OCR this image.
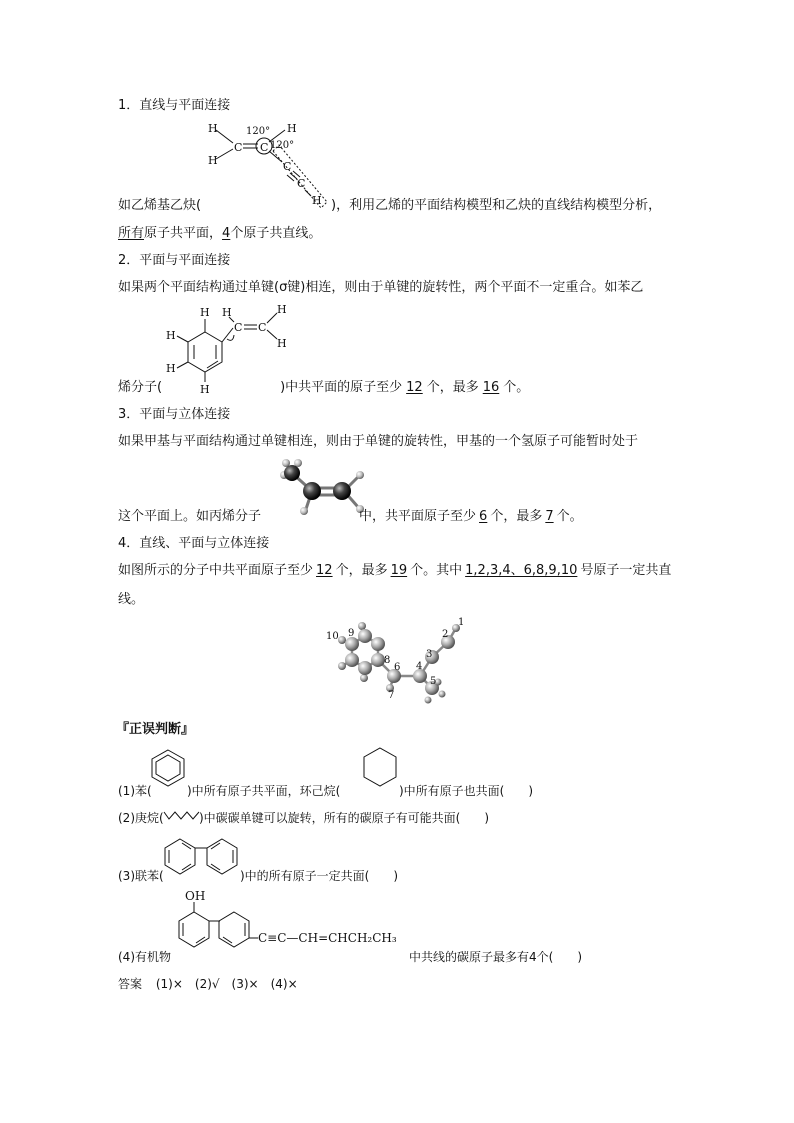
1．直线与平面连接
H
H
C C
H
120°
120°
C
C
H
如乙烯基乙炔(	)，利用乙烯的平面结构模型和乙炔的直线结构模型分析，
所有原子共平面，4个原子共直线。
2．平面与平面连接
如果两个平面结构通过单键(σ键)相连，则由于单键的旋转性，两个平面不一定重合。如苯乙
H
H
H
H
H
C C
H
H
烯分子(	)中共平面的原子至少 12 个，最多 16 个。
3．平面与立体连接
如果甲基与平面结构通过单键相连，则由于单键的旋转性，甲基的一个氢原子可能暂时处于
这个平面上。如丙烯分子	中，共平面原子至少 6 个，最多 7 个。
4．直线、平面与立体连接
如图所示的分子中共平面原子至少 12 个，最多 19 个。其中 1,2,3,4、6,8,9,10 号原子一定共直
线。
1
2
3
4
5
6
7
8
9
10
『正误判断』
(1)苯(	)中所有原子共平面，环己烷(	)中所有原子也共面(　　)
(2)庚烷(	)中碳碳单键可以旋转，所有的碳原子有可能共面(　　)
(3)联苯(	)中的所有原子一定共面(　　)
(4)有机物
OH
C≡C—CH=CHCH₂CH₃
中共线的碳原子最多有4个(　　)
答案 (1)×　(2)√　(3)×　(4)×
